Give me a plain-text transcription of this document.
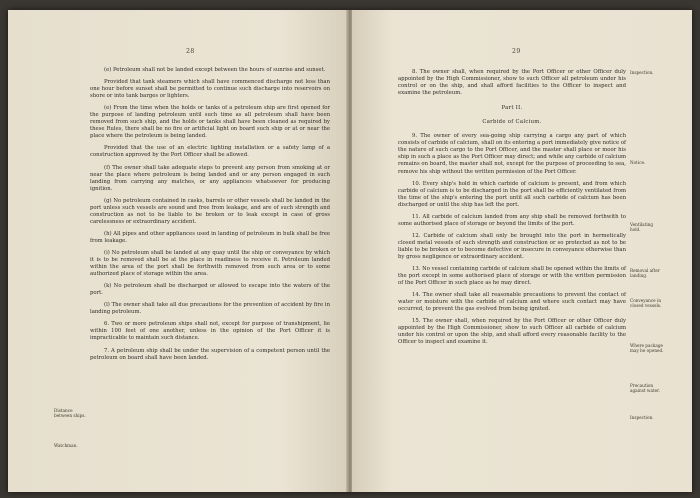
28

(e) Petroleum shall not be landed except between the hours of sunrise and sunset.

Provided that tank steamers which shall have commenced discharge not less than one hour before sunset shall be permitted to continue such discharge into reservoirs on shore or into tank barges or lighters.

(e) From the time when the holds or tanks of a petroleum ship are first opened for the purpose of landing petroleum until such time as all petroleum shall have been removed from such ship, and the holds or tanks shall have been cleaned as required by these Rules, there shall be no fire or artificial light on board such ship or at or near the place where the petroleum is being landed.

Provided that the use of an electric lighting installation or a safety lamp of a construction approved by the Port Officer shall be allowed.

(f) The owner shall take adequate steps to prevent any person from smoking at or near the place where petroleum is being landed and or any person engaged in such landing from carrying any matches, or any appliances whatsoever for producing ignition.

(g) No petroleum contained in casks, barrels or other vessels shall be landed in the port unless such vessels are sound and free from leakage, and are of such strength and construction as not to be liable to be broken or to leak except in case of gross carelessness or extraordinary accident.

(h) All pipes and other appliances used in landing of petroleum in bulk shall be free from leakage.

(i) No petroleum shall be landed at any quay until the ship or conveyance by which it is to be removed shall be at the place in readiness to receive it. Petroleum landed within the area of the port shall be forthwith removed from such area or to some authorized place of storage within the area.

(k) No petroleum shall be discharged or allowed to escape into the waters of the port.

(l) The owner shall take all due precautions for the prevention of accident by fire in landing petroleum.

6. Two or more petroleum ships shall not, except for purpose of transhipment, lie within 100 feet of one another, unless in the opinion of the Port Officer it is impracticable to maintain such distance.

7. A petroleum ship shall be under the supervision of a competent person until the petroleum on board shall have been landed.

Distance between ships.
Watchman.
29

8. The owner shall, when required by the Port Officer or other Officer duly appointed by the High Commissioner, show to such Officer all petroleum under his control or on the ship, and shall afford facilities to the Officer to inspect and examine the petroleum.

Part II.

Carbide of Calcium.

9. The owner of every sea-going ship carrying a cargo any part of which consists of carbide of calcium, shall on its entering a port immediately give notice of the nature of such cargo to the Port Officer, and the master shall place or moor his ship in such a place as the Port Officer may direct; and while any carbide of calcium remains on board, the master shall not, except for the purpose of proceeding to sea, remove his ship without the written permission of the Port Officer.

10. Every ship's hold in which carbide of calcium is present, and from which carbide of calcium is to be discharged in the port shall be efficiently ventilated from the time of the ship's entering the port until all such carbide of calcium has been discharged or until the ship has left the port.

11. All carbide of calcium landed from any ship shall be removed forthwith to some authorised place of storage or beyond the limits of the port.

12. Carbide of calcium shall only be brought into the port in hermetically closed metal vessels of such strength and construction or so protected as not to be liable to be broken or to become defective or insecure in conveyance otherwise than by gross negligence or extraordinary accident.

13. No vessel containing carbide of calcium shall be opened within the limits of the port except in some authorised place of storage or with the written permission of the Port Officer in such place as he may direct.

14. The owner shall take all reasonable precautions to prevent the contact of water or moisture with the carbide of calcium and where such contact may have occurred, to prevent the gas evolved from being ignited.

15. The owner shall, when required by the Port Officer or other Officer duly appointed by the High Commissioner, show to such Officer all carbide of calcium under his control or upon the ship, and shall afford every reasonable facility to the Officer to inspect and examine it.

Inspection.
Notice.
Ventilating hold.
Removal after landing.
Conveyance in closed vessels.
Where package may be opened.
Precaution against water.
Inspection.
